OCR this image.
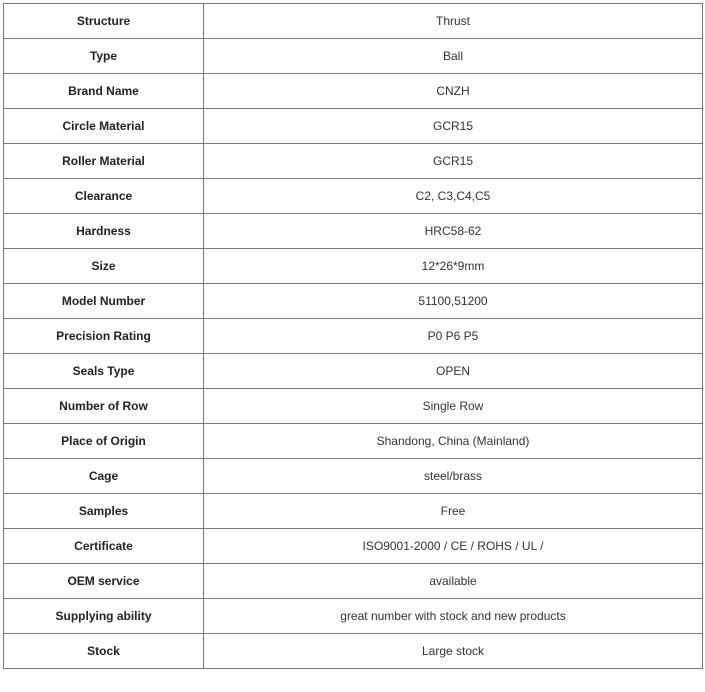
Structure	Thrust
Type	Ball
Brand Name	CNZH
Circle Material	GCR15
Roller Material	GCR15
Clearance	C2, C3,C4,C5
Hardness	HRC58-62
Size	12*26*9mm
Model Number	51100,51200
Precision Rating	P0 P6 P5
Seals Type	OPEN
Number of Row	Single Row
Place of Origin	Shandong, China (Mainland)
Cage	steel/brass
Samples	Free
Certificate	ISO9001-2000 / CE / ROHS / UL /
OEM service	available
Supplying ability	great number with stock and new products
Stock	Large stock
